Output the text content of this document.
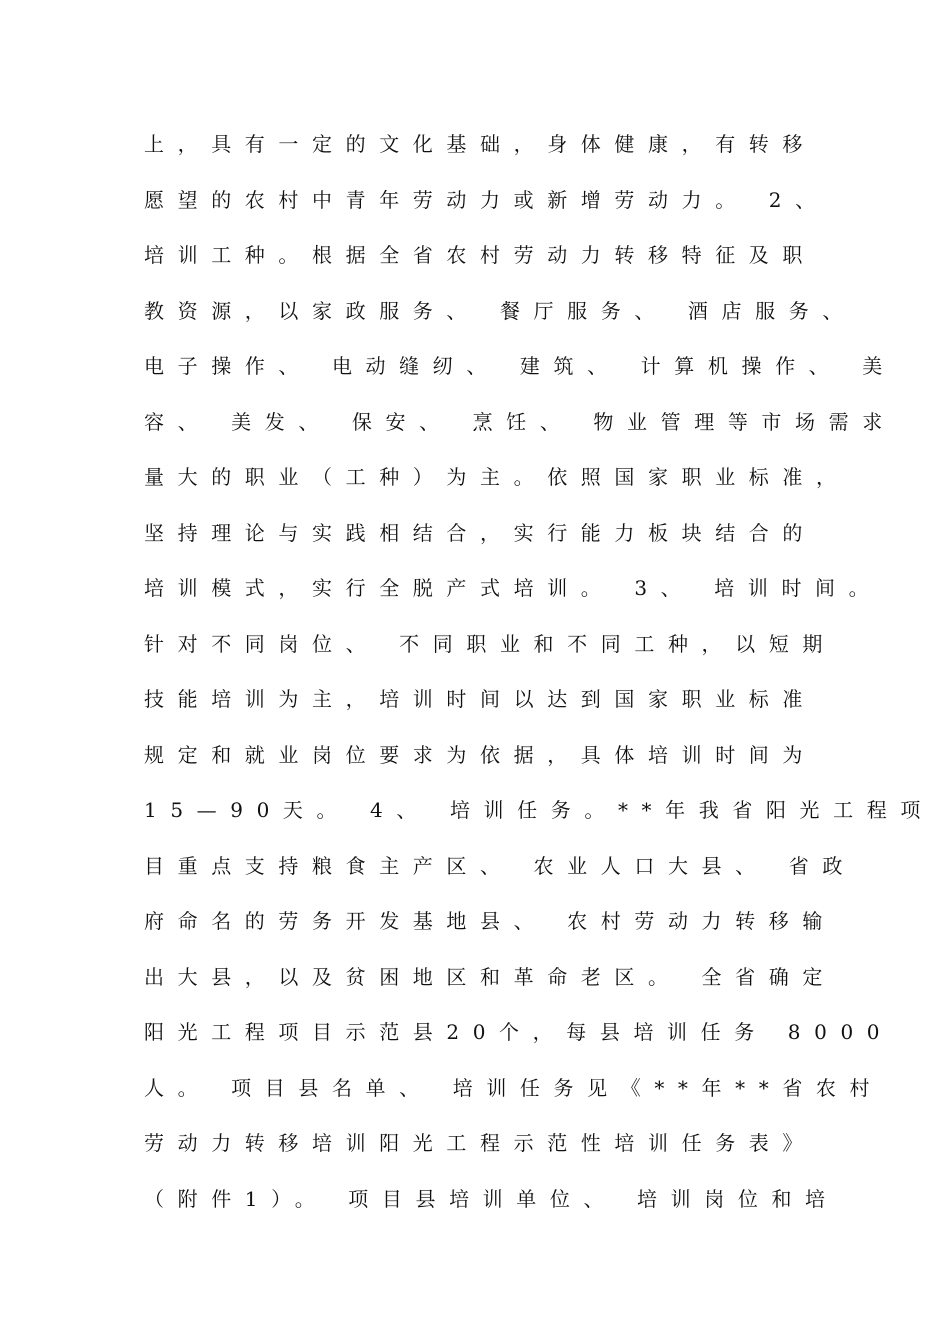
上，具有一定的文化基础，身体健康，有转移
愿望的农村中青年劳动力或新增劳动力。 2、
培训工种。根据全省农村劳动力转移特征及职
教资源，以家政服务、 餐厅服务、 酒店服务、
电子操作、 电动缝纫、 建筑、 计算机操作、 美
容、 美发、 保安、 烹饪、 物业管理等市场需求
量大的职业（工种）为主。依照国家职业标准，
坚持理论与实践相结合，实行能力板块结合的
培训模式，实行全脱产式培训。 3、 培训时间。
针对不同岗位、 不同职业和不同工种，以短期
技能培训为主，培训时间以达到国家职业标准
规定和就业岗位要求为依据，具体培训时间为
15—90天。 4、 培训任务。**年我省阳光工程项
目重点支持粮食主产区、 农业人口大县、 省政
府命名的劳务开发基地县、 农村劳动力转移输
出大县，以及贫困地区和革命老区。 全省确定
阳光工程项目示范县20个，每县培训任务 8000
人。 项目县名单、 培训任务见《**年**省农村
劳动力转移培训阳光工程示范性培训任务表》
（附件1）。 项目县培训单位、 培训岗位和培
